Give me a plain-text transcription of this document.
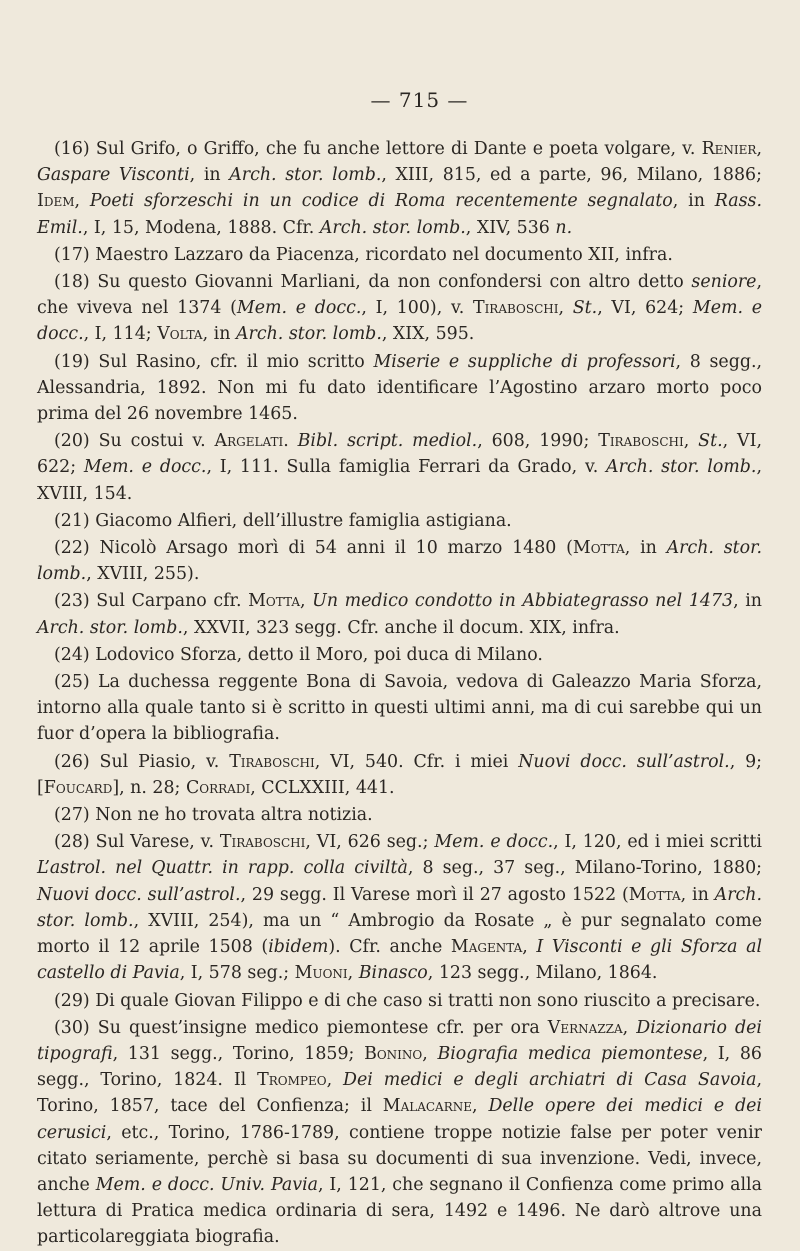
— 715 —

(16) Sul Grifo, o Griffo, che fu anche lettore di Dante e poeta volgare, v. Renier, Gaspare Visconti, in Arch. stor. lomb., XIII, 815, ed a parte, 96, Milano, 1886; Idem, Poeti sforzeschi in un codice di Roma recentemente segnalato, in Rass. Emil., I, 15, Modena, 1888. Cfr. Arch. stor. lomb., XIV, 536 n.

(17) Maestro Lazzaro da Piacenza, ricordato nel documento XII, infra.

(18) Su questo Giovanni Marliani, da non confondersi con altro detto seniore, che viveva nel 1374 (Mem. e docc., I, 100), v. Tiraboschi, St., VI, 624; Mem. e docc., I, 114; Volta, in Arch. stor. lomb., XIX, 595.

(19) Sul Rasino, cfr. il mio scritto Miserie e suppliche di professori, 8 segg., Alessandria, 1892. Non mi fu dato identificare l’Agostino arzaro morto poco prima del 26 novembre 1465.

(20) Su costui v. Argelati. Bibl. script. mediol., 608, 1990; Tiraboschi, St., VI, 622; Mem. e docc., I, 111. Sulla famiglia Ferrari da Grado, v. Arch. stor. lomb., XVIII, 154.

(21) Giacomo Alfieri, dell’illustre famiglia astigiana.

(22) Nicolò Arsago morì di 54 anni il 10 marzo 1480 (Motta, in Arch. stor. lomb., XVIII, 255).

(23) Sul Carpano cfr. Motta, Un medico condotto in Abbiategrasso nel 1473, in Arch. stor. lomb., XXVII, 323 segg. Cfr. anche il docum. XIX, infra.

(24) Lodovico Sforza, detto il Moro, poi duca di Milano.

(25) La duchessa reggente Bona di Savoia, vedova di Galeazzo Maria Sforza, intorno alla quale tanto si è scritto in questi ultimi anni, ma di cui sarebbe qui un fuor d’opera la bibliografia.

(26) Sul Piasio, v. Tiraboschi, VI, 540. Cfr. i miei Nuovi docc. sull’astrol., 9; [Foucard], n. 28; Corradi, CCLXXIII, 441.

(27) Non ne ho trovata altra notizia.

(28) Sul Varese, v. Tiraboschi, VI, 626 seg.; Mem. e docc., I, 120, ed i miei scritti L’astrol. nel Quattr. in rapp. colla civiltà, 8 seg., 37 seg., Milano-Torino, 1880; Nuovi docc. sull’astrol., 29 segg. Il Varese morì il 27 agosto 1522 (Motta, in Arch. stor. lomb., XVIII, 254), ma un “ Ambrogio da Rosate „ è pur segnalato come morto il 12 aprile 1508 (ibidem). Cfr. anche Magenta, I Visconti e gli Sforza al castello di Pavia, I, 578 seg.; Muoni, Binasco, 123 segg., Milano, 1864.

(29) Di quale Giovan Filippo e di che caso si tratti non sono riuscito a precisare.

(30) Su quest’insigne medico piemontese cfr. per ora Vernazza, Dizionario dei tipografi, 131 segg., Torino, 1859; Bonino, Biografia medica piemontese, I, 86 segg., Torino, 1824. Il Trompeo, Dei medici e degli archiatri di Casa Savoia, Torino, 1857, tace del Confienza; il Malacarne, Delle opere dei medici e dei cerusici, etc., Torino, 1786-1789, contiene troppe notizie false per poter venir citato seriamente, perchè si basa su documenti di sua invenzione. Vedi, invece, anche Mem. e docc. Univ. Pavia, I, 121, che segnano il Confienza come primo alla lettura di Pratica medica ordinaria di sera, 1492 e 1496. Ne darò altrove una particolareggiata biografia.
